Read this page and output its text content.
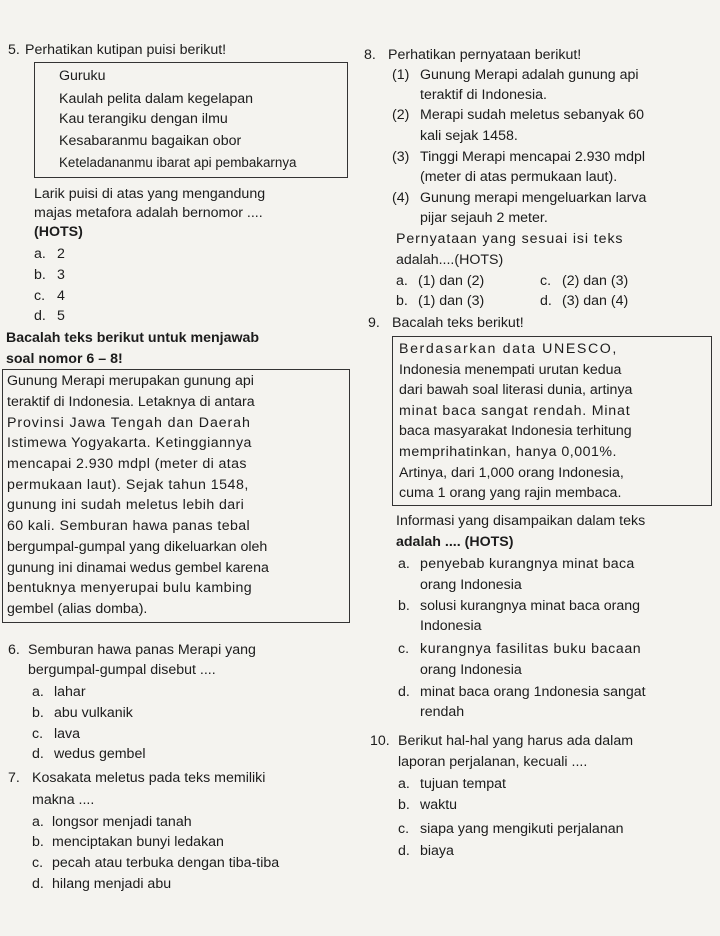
5. Perhatikan kutipan puisi berikut!
Guruku
Kaulah pelita dalam kegelapan
Kau terangiku dengan ilmu
Kesabaranmu bagaikan obor
Keteladananmu ibarat api pembakarnya
Larik puisi di atas yang mengandung
majas metafora adalah bernomor ....
(HOTS)
a. 2
b. 3
c. 4
d. 5
Bacalah teks berikut untuk menjawab
soal nomor 6 – 8!
Gunung Merapi merupakan gunung api
teraktif di Indonesia. Letaknya di antara
Provinsi Jawa Tengah dan Daerah
Istimewa Yogyakarta. Ketinggiannya
mencapai 2.930 mdpl (meter di atas
permukaan laut). Sejak tahun 1548,
gunung ini sudah meletus lebih dari
60 kali. Semburan hawa panas tebal
bergumpal-gumpal yang dikeluarkan oleh
gunung ini dinamai wedus gembel karena
bentuknya menyerupai bulu kambing
gembel (alias domba).
6. Semburan hawa panas Merapi yang
bergumpal-gumpal disebut ....
a. lahar
b. abu vulkanik
c. lava
d. wedus gembel
7. Kosakata meletus pada teks memiliki
makna ....
a. longsor menjadi tanah
b. menciptakan bunyi ledakan
c. pecah atau terbuka dengan tiba-tiba
d. hilang menjadi abu
8. Perhatikan pernyataan berikut!
(1) Gunung Merapi adalah gunung api
teraktif di Indonesia.
(2) Merapi sudah meletus sebanyak 60
kali sejak 1458.
(3) Tinggi Merapi mencapai 2.930 mdpl
(meter di atas permukaan laut).
(4) Gunung merapi mengeluarkan larva
pijar sejauh 2 meter.
Pernyataan yang sesuai isi teks
adalah....(HOTS)
a. (1) dan (2)	c. (2) dan (3)
b. (1) dan (3)	d. (3) dan (4)
9. Bacalah teks berikut!
Berdasarkan data UNESCO,
Indonesia menempati urutan kedua
dari bawah soal literasi dunia, artinya
minat baca sangat rendah. Minat
baca masyarakat Indonesia terhitung
memprihatinkan, hanya 0,001%.
Artinya, dari 1,000 orang Indonesia,
cuma 1 orang yang rajin membaca.
Informasi yang disampaikan dalam teks
adalah .... (HOTS)
a. penyebab kurangnya minat baca
orang Indonesia
b. solusi kurangnya minat baca orang
Indonesia
c. kurangnya fasilitas buku bacaan
orang Indonesia
d. minat baca orang 1ndonesia sangat
rendah
10. Berikut hal-hal yang harus ada dalam
laporan perjalanan, kecuali ....
a. tujuan tempat
b. waktu
c. siapa yang mengikuti perjalanan
d. biaya
